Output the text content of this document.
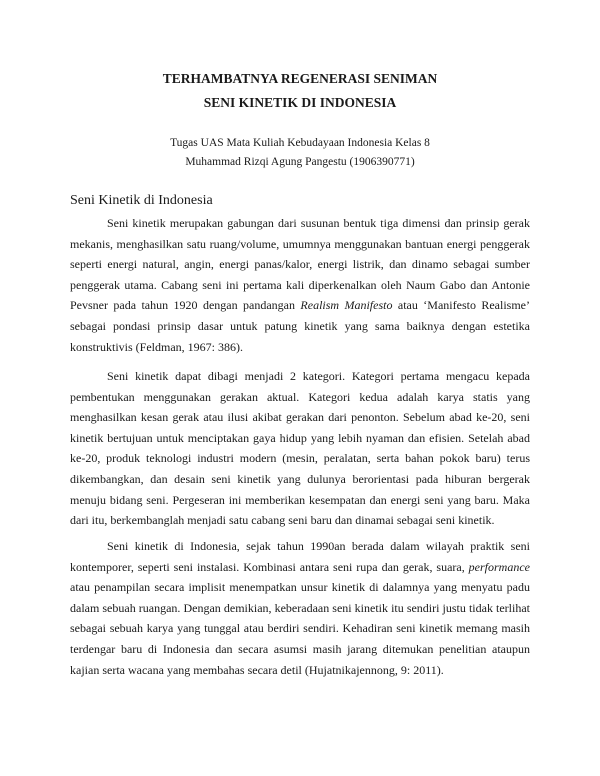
TERHAMBATNYA REGENERASI SENIMAN
SENI KINETIK DI INDONESIA
Tugas UAS Mata Kuliah Kebudayaan Indonesia Kelas 8
Muhammad Rizqi Agung Pangestu (1906390771)
Seni Kinetik di Indonesia

Seni kinetik merupakan gabungan dari susunan bentuk tiga dimensi dan prinsip gerak mekanis, menghasilkan satu ruang/volume, umumnya menggunakan bantuan energi penggerak seperti energi natural, angin, energi panas/kalor, energi listrik, dan dinamo sebagai sumber penggerak utama. Cabang seni ini pertama kali diperkenalkan oleh Naum Gabo dan Antonie Pevsner pada tahun 1920 dengan pandangan Realism Manifesto atau ‘Manifesto Realisme’ sebagai pondasi prinsip dasar untuk patung kinetik yang sama baiknya dengan estetika konstruktivis (Feldman, 1967: 386).

Seni kinetik dapat dibagi menjadi 2 kategori. Kategori pertama mengacu kepada pembentukan menggunakan gerakan aktual. Kategori kedua adalah karya statis yang menghasilkan kesan gerak atau ilusi akibat gerakan dari penonton. Sebelum abad ke-20, seni kinetik bertujuan untuk menciptakan gaya hidup yang lebih nyaman dan efisien. Setelah abad ke-20, produk teknologi industri modern (mesin, peralatan, serta bahan pokok baru) terus dikembangkan, dan desain seni kinetik yang dulunya berorientasi pada hiburan bergerak menuju bidang seni. Pergeseran ini memberikan kesempatan dan energi seni yang baru. Maka dari itu, berkembanglah menjadi satu cabang seni baru dan dinamai sebagai seni kinetik.

Seni kinetik di Indonesia, sejak tahun 1990an berada dalam wilayah praktik seni kontemporer, seperti seni instalasi. Kombinasi antara seni rupa dan gerak, suara, performance atau penampilan secara implisit menempatkan unsur kinetik di dalamnya yang menyatu padu dalam sebuah ruangan. Dengan demikian, keberadaan seni kinetik itu sendiri justu tidak terlihat sebagai sebuah karya yang tunggal atau berdiri sendiri. Kehadiran seni kinetik memang masih terdengar baru di Indonesia dan secara asumsi masih jarang ditemukan penelitian ataupun kajian serta wacana yang membahas secara detil (Hujatnikajennong, 9: 2011).
